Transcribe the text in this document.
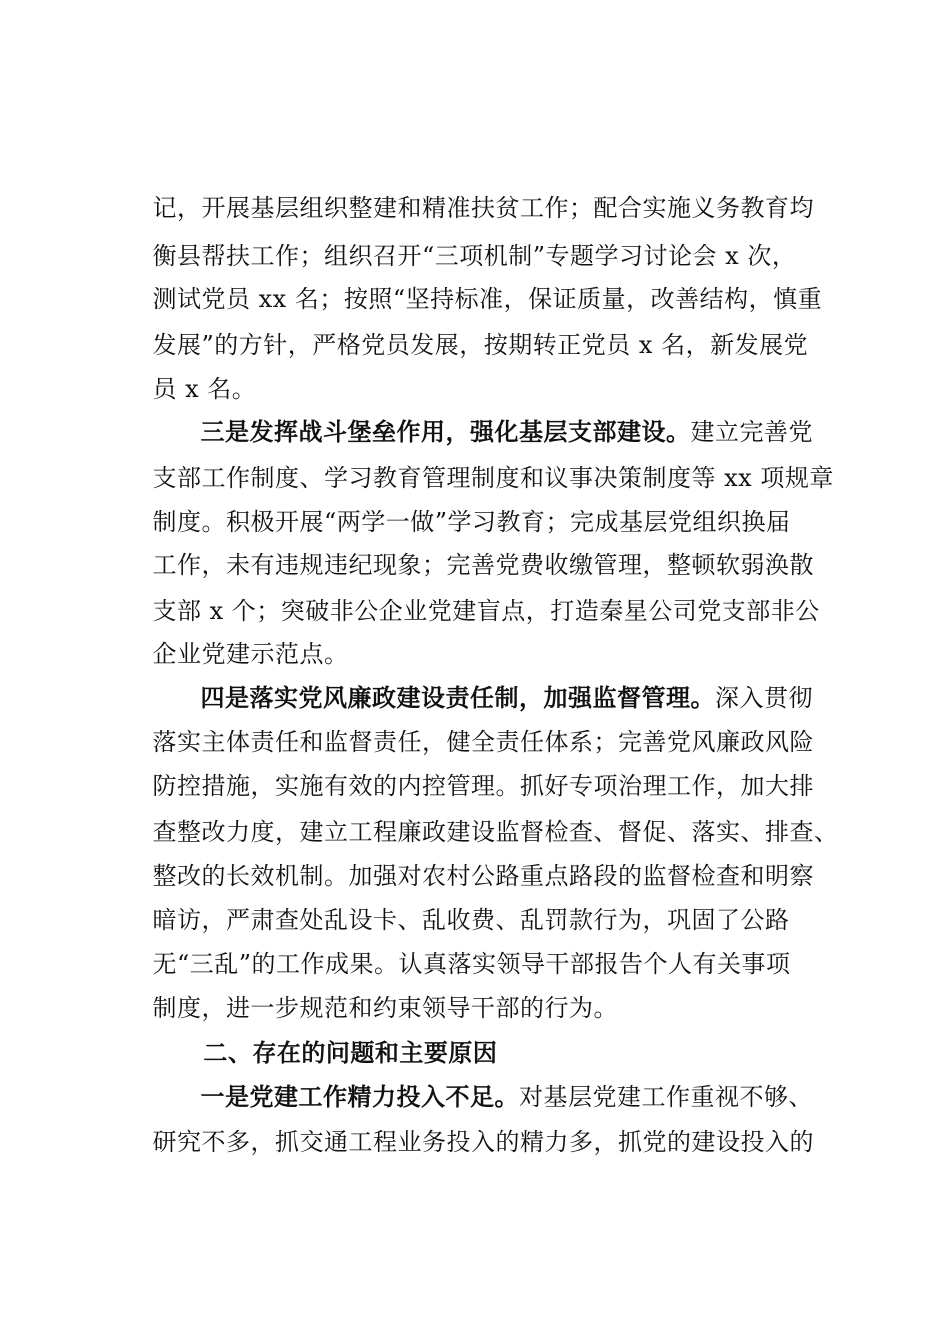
记，开展基层组织整建和精准扶贫工作；配合实施义务教育均

衡县帮扶工作；组织召开“三项机制”专题学习讨论会 x 次，

测试党员 xx 名；按照“坚持标准，保证质量，改善结构，慎重

发展”的方针，严格党员发展，按期转正党员 x 名，新发展党

员 x 名。

三是发挥战斗堡垒作用，强化基层支部建设。建立完善党

支部工作制度、学习教育管理制度和议事决策制度等 xx 项规章

制度。积极开展“两学一做”学习教育；完成基层党组织换届

工作，未有违规违纪现象；完善党费收缴管理，整顿软弱涣散

支部 x 个；突破非公企业党建盲点，打造秦星公司党支部非公

企业党建示范点。

四是落实党风廉政建设责任制，加强监督管理。深入贯彻

落实主体责任和监督责任，健全责任体系；完善党风廉政风险

防控措施，实施有效的内控管理。抓好专项治理工作，加大排

查整改力度，建立工程廉政建设监督检查、督促、落实、排查、

整改的长效机制。加强对农村公路重点路段的监督检查和明察

暗访，严肃查处乱设卡、乱收费、乱罚款行为，巩固了公路

无“三乱”的工作成果。认真落实领导干部报告个人有关事项

制度，进一步规范和约束领导干部的行为。

二、存在的问题和主要原因

一是党建工作精力投入不足。对基层党建工作重视不够、

研究不多，抓交通工程业务投入的精力多，抓党的建设投入的
